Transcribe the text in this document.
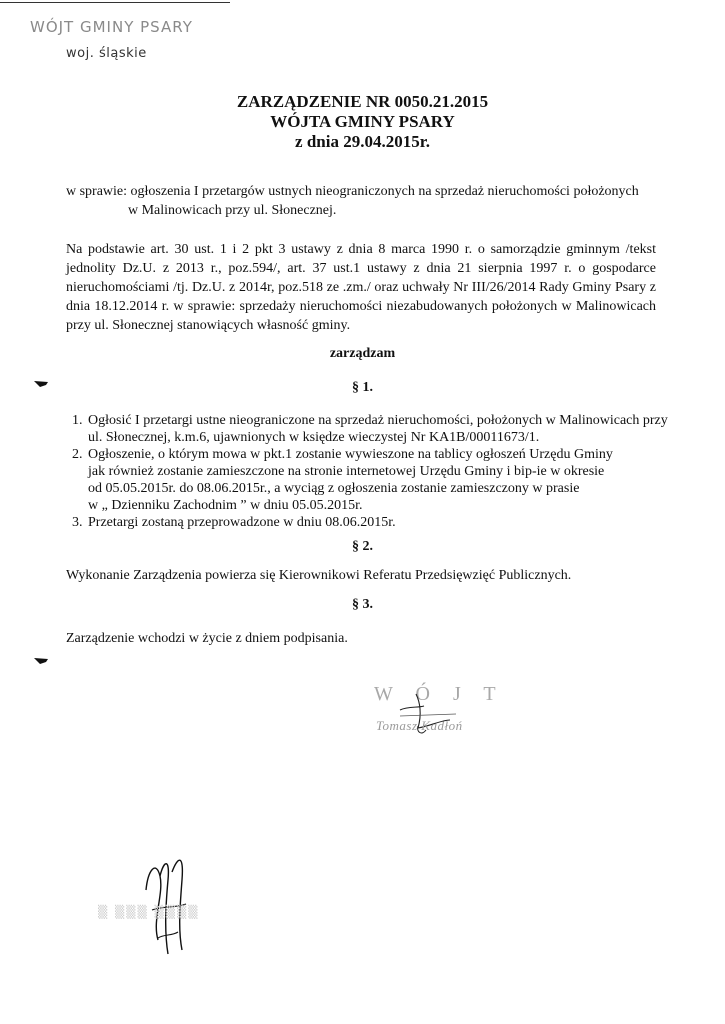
WÓJT GMINY PSARY
woj. śląskie
ZARZĄDZENIE NR 0050.21.2015
WÓJTA GMINY PSARY
z dnia 29.04.2015r.
w sprawie: ogłoszenia I przetargów ustnych nieograniczonych na sprzedaż nieruchomości położonych
w Malinowicach przy ul. Słonecznej.
Na podstawie art. 30 ust. 1 i 2 pkt 3 ustawy z dnia 8 marca 1990 r. o samorządzie gminnym /tekst jednolity Dz.U. z 2013 r., poz.594/, art. 37 ust.1 ustawy z dnia 21 sierpnia 1997 r. o gospodarce nieruchomościami /tj. Dz.U. z 2014r, poz.518 ze .zm./ oraz uchwały Nr III/26/2014 Rady Gminy Psary z dnia 18.12.2014 r. w sprawie: sprzedaży nieruchomości niezabudowanych położonych w Malinowicach przy ul. Słonecznej stanowiących własność gminy.
zarządzam
§ 1.
1. Ogłosić I przetargi ustne nieograniczone na sprzedaż nieruchomości, położonych w Malinowicach przy
ul. Słonecznej, k.m.6, ujawnionych w księdze wieczystej Nr KA1B/00011673/1.
2. Ogłoszenie, o którym mowa w pkt.1 zostanie wywieszone na tablicy ogłoszeń Urzędu Gminy
jak również zostanie zamieszczone na stronie internetowej Urzędu Gminy i bip-ie w okresie
od 05.05.2015r. do 08.06.2015r., a wyciąg z ogłoszenia zostanie zamieszczony w prasie
w „ Dzienniku Zachodnim ” w dniu 05.05.2015r.
3. Przetargi zostaną przeprowadzone w dniu 08.06.2015r.
§ 2.
Wykonanie Zarządzenia powierza się Kierownikowi Referatu Przedsięwzięć Publicznych.
§ 3.
Zarządzenie wchodzi w życie z dniem podpisania.
W Ó J T
Tomasz Kadłoń
▒ ▒▒▒ ▒▒▒▒
